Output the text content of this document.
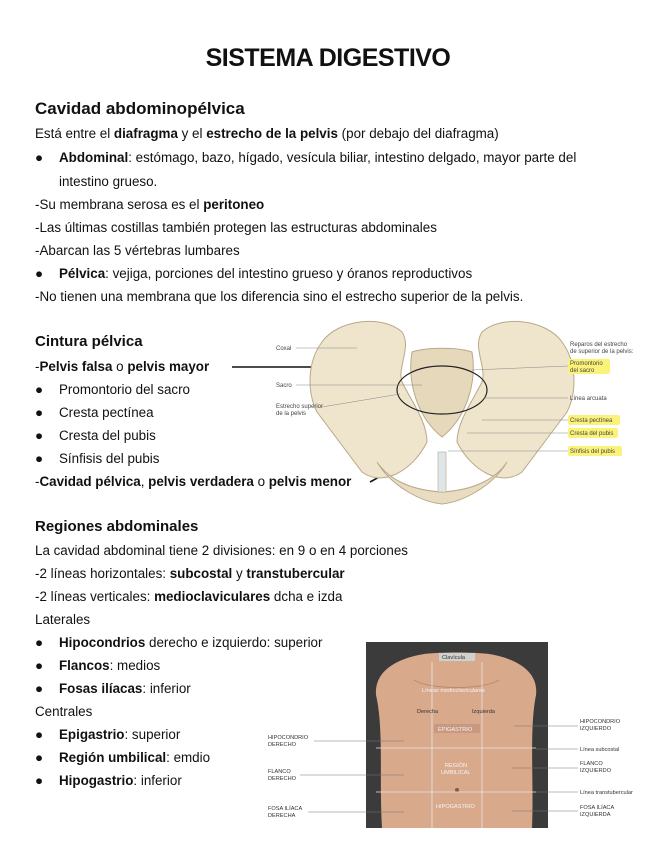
SISTEMA DIGESTIVO
Cavidad abdominopélvica
Está entre el diafragma y el estrecho de la pelvis (por debajo del diafragma)
● Abdominal: estómago, bazo, hígado, vesícula biliar, intestino delgado, mayor parte del
intestino grueso.
-Su membrana serosa es el peritoneo
-Las últimas costillas también protegen las estructuras abdominales
-Abarcan las 5 vértebras lumbares
● Pélvica: vejiga, porciones del intestino grueso y óranos reproductivos
-No tienen una membrana que los diferencia sino el estrecho superior de la pelvis.
Cintura pélvica
-Pelvis falsa o pelvis mayor
● Promontorio del sacro
● Cresta pectínea
● Cresta del pubis
● Sínfisis del pubis
-Cavidad pélvica, pelvis verdadera o pelvis menor
Coxal
Sacro
Estrecho superior
de la pelvis
Reparos del estrecho
de superior de la pelvis:
Promontorio
del sacro
Línea arcuata
Cresta pectínea
Cresta del pubis
Sínfisis del pubis
Regiones abdominales
La cavidad abdominal tiene 2 divisiones: en 9 o en 4 porciones
-2 líneas horizontales: subcostal y transtubercular
-2 líneas verticales: medioclaviculares dcha e izda
Laterales
● Hipocondrios derecho e izquierdo: superior
● Flancos: medios
● Fosas ilíacas: inferior
Centrales
● Epigastrio: superior
● Región umbilical: emdio
● Hipogastrio: inferior
Clavícula
Líneas medioclaviculares
Derecha	Izquierda
EPIGASTRIO
REGIÓN
UMBILICAL
HIPOGASTRIO
HIPOCONDRIO
DERECHO
FLANCO
DERECHO
FOSA ILÍACA
DERECHA
HIPOCONDRIO
IZQUIERDO
Línea subcostal
FLANCO
IZQUIERDO
Línea transtubercular
FOSA ILÍACA
IZQUIERDA
